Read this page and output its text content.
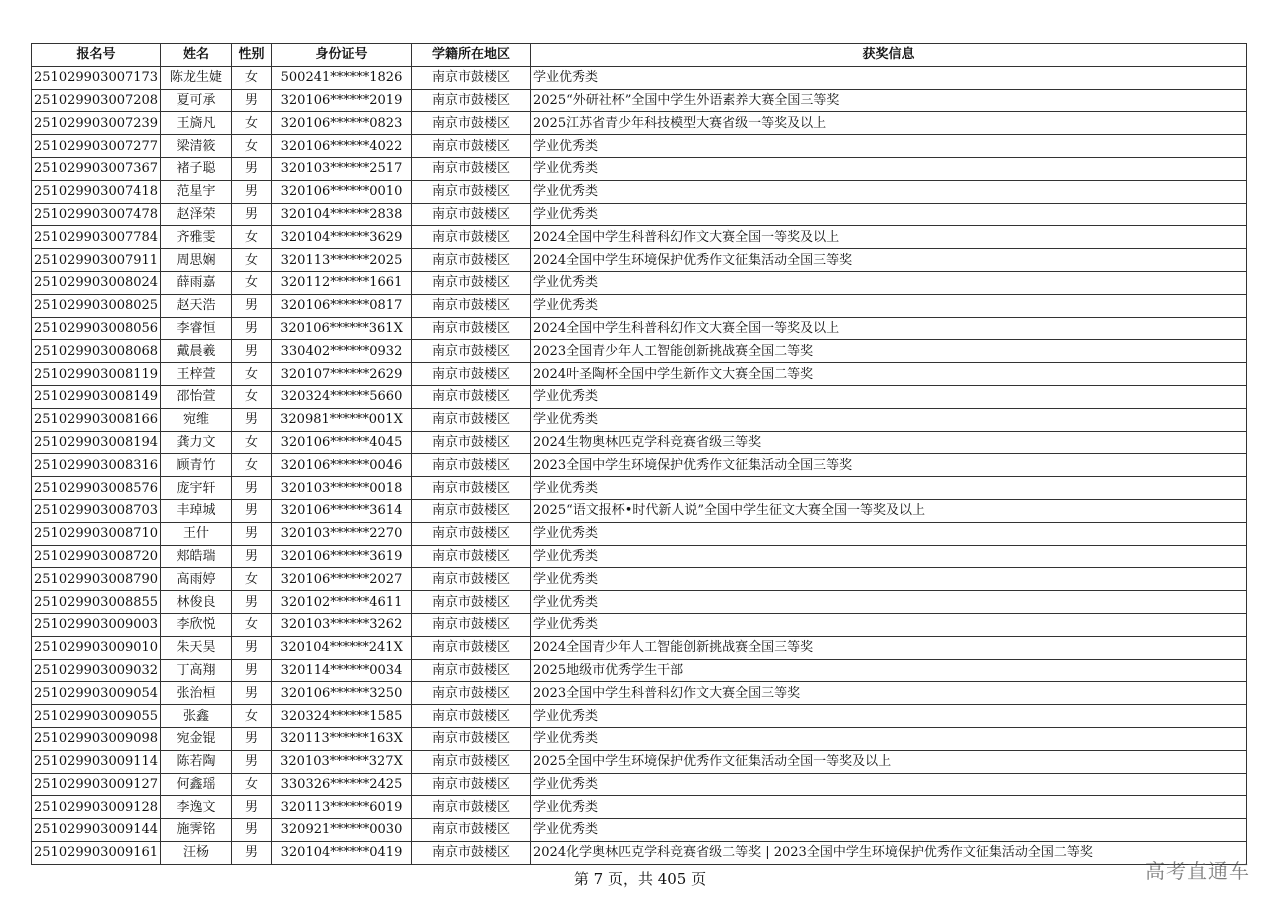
报名号	姓名	性别	身份证号	学籍所在地区	获奖信息
251029903007173	陈龙生婕	女	500241******1826	南京市鼓楼区	学业优秀类
251029903007208	夏可承	男	320106******2019	南京市鼓楼区	2025“外研社杯”全国中学生外语素养大赛全国三等奖
251029903007239	王旖凡	女	320106******0823	南京市鼓楼区	2025江苏省青少年科技模型大赛省级一等奖及以上
251029903007277	梁清筱	女	320106******4022	南京市鼓楼区	学业优秀类
251029903007367	褚子聪	男	320103******2517	南京市鼓楼区	学业优秀类
251029903007418	范星宇	男	320106******0010	南京市鼓楼区	学业优秀类
251029903007478	赵泽荣	男	320104******2838	南京市鼓楼区	学业优秀类
251029903007784	齐雅雯	女	320104******3629	南京市鼓楼区	2024全国中学生科普科幻作文大赛全国一等奖及以上
251029903007911	周思娴	女	320113******2025	南京市鼓楼区	2024全国中学生环境保护优秀作文征集活动全国三等奖
251029903008024	薛雨嘉	女	320112******1661	南京市鼓楼区	学业优秀类
251029903008025	赵天浩	男	320106******0817	南京市鼓楼区	学业优秀类
251029903008056	李睿恒	男	320106******361X	南京市鼓楼区	2024全国中学生科普科幻作文大赛全国一等奖及以上
251029903008068	戴晨羲	男	330402******0932	南京市鼓楼区	2023全国青少年人工智能创新挑战赛全国二等奖
251029903008119	王梓萱	女	320107******2629	南京市鼓楼区	2024叶圣陶杯全国中学生新作文大赛全国二等奖
251029903008149	邵怡萱	女	320324******5660	南京市鼓楼区	学业优秀类
251029903008166	宛维	男	320981******001X	南京市鼓楼区	学业优秀类
251029903008194	龚力文	女	320106******4045	南京市鼓楼区	2024生物奥林匹克学科竞赛省级三等奖
251029903008316	顾青竹	女	320106******0046	南京市鼓楼区	2023全国中学生环境保护优秀作文征集活动全国三等奖
251029903008576	庞宇轩	男	320103******0018	南京市鼓楼区	学业优秀类
251029903008703	丰琸城	男	320106******3614	南京市鼓楼区	2025“语文报杯•时代新人说”全国中学生征文大赛全国一等奖及以上
251029903008710	王什	男	320103******2270	南京市鼓楼区	学业优秀类
251029903008720	郏皓瑞	男	320106******3619	南京市鼓楼区	学业优秀类
251029903008790	高雨婷	女	320106******2027	南京市鼓楼区	学业优秀类
251029903008855	林俊良	男	320102******4611	南京市鼓楼区	学业优秀类
251029903009003	李欣悦	女	320103******3262	南京市鼓楼区	学业优秀类
251029903009010	朱天昊	男	320104******241X	南京市鼓楼区	2024全国青少年人工智能创新挑战赛全国三等奖
251029903009032	丁高翔	男	320114******0034	南京市鼓楼区	2025地级市优秀学生干部
251029903009054	张治桓	男	320106******3250	南京市鼓楼区	2023全国中学生科普科幻作文大赛全国三等奖
251029903009055	张鑫	女	320324******1585	南京市鼓楼区	学业优秀类
251029903009098	宛金锟	男	320113******163X	南京市鼓楼区	学业优秀类
251029903009114	陈若陶	男	320103******327X	南京市鼓楼区	2025全国中学生环境保护优秀作文征集活动全国一等奖及以上
251029903009127	何鑫瑶	女	330326******2425	南京市鼓楼区	学业优秀类
251029903009128	李逸文	男	320113******6019	南京市鼓楼区	学业优秀类
251029903009144	施霁铭	男	320921******0030	南京市鼓楼区	学业优秀类
251029903009161	汪杨	男	320104******0419	南京市鼓楼区	2024化学奥林匹克学科竞赛省级二等奖 | 2023全国中学生环境保护优秀作文征集活动全国二等奖
第 7 页，共 405 页	高考直通车
